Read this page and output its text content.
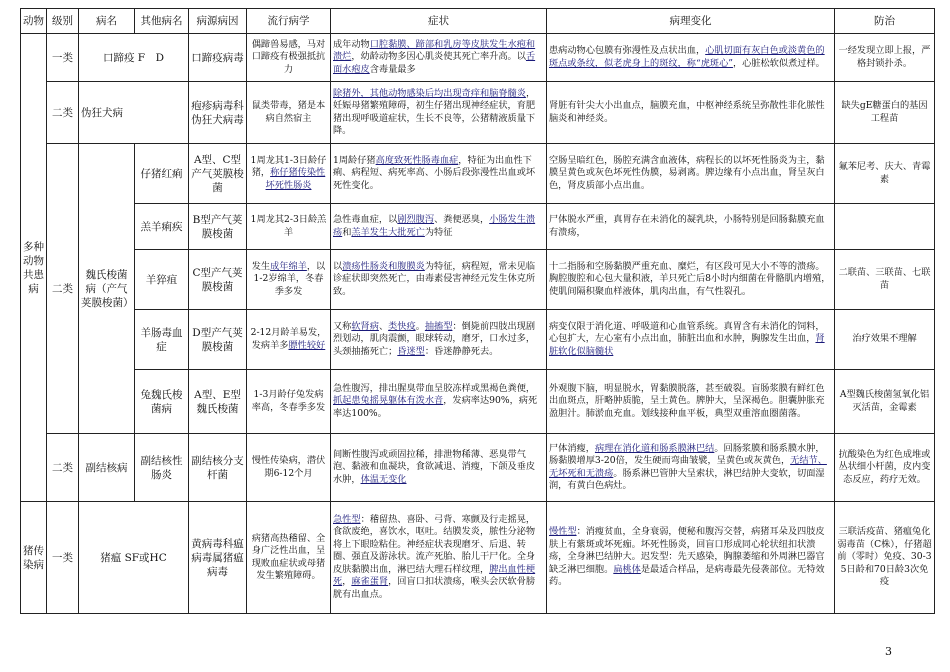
动物	级别	病名	其他病名	病源病因	流行病学	症状	病理变化	防治
多种动物共患病	一类	口蹄疫 F　D		口蹄疫病毒	偶蹄兽易感，马对口蹄疫有极强抵抗力	成年动物口腔黏膜、蹄部和乳房等皮肤发生水疱和溃烂，幼龄动物多因心肌炎使其死亡率升高。以舌面水疱皮含毒量最多	患病动物心包膜有弥漫性及点状出血，心肌切面有灰白色或淡黄色的斑点或条纹，似老虎身上的斑纹，称“虎斑心”，心脏松软似煮过样。	一经发现立即上报，严格封锁扑杀。
	二类	伪狂犬病		疱疹病毒科伪狂犬病毒	鼠类带毒，猪是本病自然宿主	除猪外，其他动物感染后均出现奇痒和脑脊髓炎，妊娠母猪繁殖障碍，初生仔猪出现神经症状，育肥猪出现呼吸道症状，生长不良等，公猪精液质量下降。	肾脏有针尖大小出血点，脑膜充血，中枢神经系统呈弥散性非化脓性脑炎和神经炎。	缺失gE糖蛋白的基因工程苗
	二类	魏氏梭菌病（产气荚膜梭菌）	仔猪红痢	A型、C型产气荚膜梭菌	1周龙其1-3日龄仔猪，称仔猪传染性坏死性肠炎	1周龄仔猪高度致死性肠毒血症，特征为出血性下痢、病程短、病死率高、小肠后段弥漫性出血或坏死性变化。	空肠呈暗红色，肠腔充满含血液体，病程长的以坏死性肠炎为主，黏膜呈黄色或灰色坏死性伪膜，易剥离。脾边缘有小点出血，肾呈灰白色，肾皮质部小点出血。	氟苯尼考、庆大、青霉素
			羔羊痢疾	B型产气荚膜梭菌	1周龙其2-3日龄羔羊	急性毒血症，以剧烈腹泻、粪便恶臭，小肠发生溃疡和羔羊发生大批死亡为特征	尸体脱水严重，真胃存在未消化的凝乳块，小肠特别是回肠黏膜充血有溃疡，	
			羊猝疽	C型产气荚膜梭菌	发生成年绵羊，以1-2岁绵羊，冬春季多发	以溃疡性肠炎和腹膜炎为特征，病程短，常未见临诊症状即突然死亡，由毒素侵害神经元发生休克所致。	十二指肠和空肠黏膜严重充血、糜烂，有区段可见大小不等的溃疡。胸腔腹腔和心包大量积液，羊只死亡后8小时内细菌在骨骼肌内增殖，使肌间隔积聚血样液体，肌肉出血，有气性裂孔。	二联苗、三联苗、七联苗
			羊肠毒血症	D型产气荚膜梭菌	2-12月龄羊易发，发病羊多膘性较好	又称软肾病、类快疫。抽搐型：倒毙前四肢出现剧烈划动，肌肉震颤，眼球转动，磨牙，口水过多，头颈抽搐死亡；昏迷型：昏迷静静死去。	病变仅限于消化道、呼吸道和心血管系统。真胃含有未消化的饲料，心包扩大，左心室有小点出血，肺脏出血和水肿，胸腺发生出血，肾脏软化似脑髓状	治疗效果不理解
			兔魏氏梭菌病	A型、E型魏氏梭菌	1-3月龄仔兔发病率高，冬春季多发	急性腹泻，排出腥臭带血呈胶冻样或黑褐色粪便，抓起患兔摇晃躯体有泼水音，发病率达90%，病死率达100%。	外观腹下脑，明显脱水，胃黏膜脱落，甚至破裂。盲肠浆膜有鲜红色出血斑点，肝略肿质脆，呈土黄色。脾肿大，呈深褐色。胆囊肿胀充盈胆汁。肺淤血充血。划线接种血平板，典型双重溶血圈菌落。	A型魏氏梭菌氢氧化铝灭活苗，金霉素
	二类	副结核病	副结核性肠炎	副结核分支杆菌	慢性传染病，潜伏期6-12个月	间断性腹泻或顽固拉稀，排泄物稀薄、恶臭带气泡、黏液和血凝块，食欲减退、消瘦，下颌及垂皮水肿，体温无变化	尸体消瘦，病理在消化道和肠系膜淋巴结。回肠浆膜和肠系膜水肿，肠黏膜增厚3-20倍，发生硬而弯曲皱襞，呈黄色或灰黄色，无结节、无坏死和无溃疡。肠系淋巴管肿大呈索状，淋巴结肿大变软，切面湿润，有黄白色病灶。	抗酸染色为红色成堆或丛状细小杆菌，皮内变态反应，药疗无效。
猪传染病	一类	猪瘟 SF或HC		黄病毒科瘟病毒属猪瘟病毒	病猪高热稽留、全身广泛性出血，呈现败血症状或母猪发生繁殖障碍。	急性型：稽留热、喜卧、弓背、寒颤及行走摇晃，食欲废绝，喜饮水，呕吐。结膜发炎，脓性分泌物将上下眼睑粘住。神经症状表现磨牙、后退、转圈、强直及游泳状。流产死胎、胎儿干尸化。全身皮肤黏膜出血，淋巴结大理石样纹理，脾出血性梗死，麻雀蛋肾，回盲口扣状溃疡，喉头会厌软骨膀胱有出血点。	慢性型：消瘦贫血，全身衰弱，便秘和腹泻交替，病猪耳朵及四肢皮肤上有紫斑或坏死痂。坏死性肠炎，回盲口形成同心轮状纽扣状溃疡，全身淋巴结肿大。迟发型：先天感染，胸腺萎缩和外周淋巴器官缺乏淋巴细胞。扁桃体是最适合样品，是病毒最先侵袭部位。无特效药。	三联活疫苗、猪瘟兔化弱毒苗（C株），仔猪超前（零时）免疫、30-35日龄和70日龄3次免疫
3
